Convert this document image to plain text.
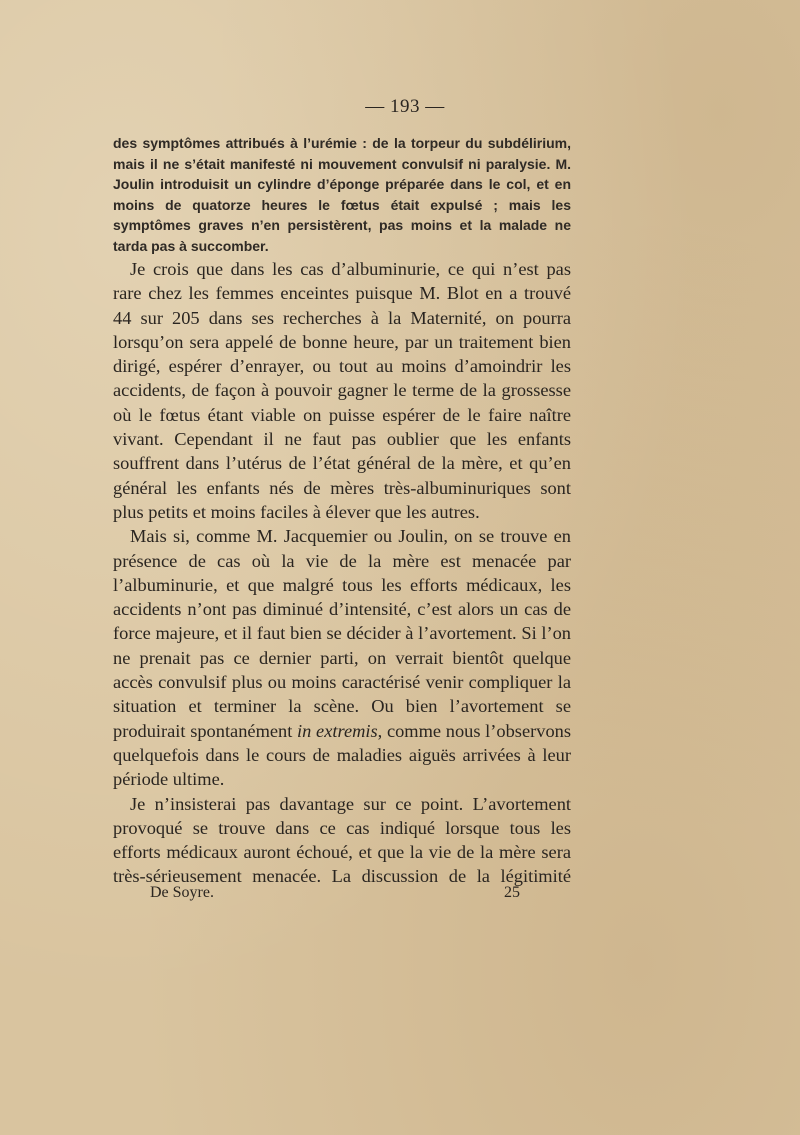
— 193 —
des symptômes attribués à l’urémie : de la torpeur du subdélirium, mais il ne s’était manifesté ni mouvement convulsif ni paralysie. M. Joulin introduisit un cylindre d’éponge préparée dans le col, et en moins de quatorze heures le fœtus était expulsé ; mais les symptômes graves n’en persistèrent, pas moins et la malade ne tarda pas à succomber.

Je crois que dans les cas d’albuminurie, ce qui n’est pas rare chez les femmes enceintes puisque M. Blot en a trouvé 44 sur 205 dans ses recherches à la Maternité, on pourra lorsqu’on sera appelé de bonne heure, par un traitement bien dirigé, espérer d’enrayer, ou tout au moins d’amoindrir les accidents, de façon à pouvoir gagner le terme de la grossesse où le fœtus étant viable on puisse espérer de le faire naître vivant. Cependant il ne faut pas oublier que les enfants souffrent dans l’utérus de l’état général de la mère, et qu’en général les enfants nés de mères très-albuminuriques sont plus petits et moins faciles à élever que les autres.

Mais si, comme M. Jacquemier ou Joulin, on se trouve en présence de cas où la vie de la mère est menacée par l’albuminurie, et que malgré tous les efforts médicaux, les accidents n’ont pas diminué d’intensité, c’est alors un cas de force majeure, et il faut bien se décider à l’avortement. Si l’on ne prenait pas ce dernier parti, on verrait bientôt quelque accès convulsif plus ou moins caractérisé venir compliquer la situation et terminer la scène. Ou bien l’avortement se produirait spontanément in extremis, comme nous l’observons quelquefois dans le cours de maladies aiguës arrivées à leur période ultime.

Je n’insisterai pas davantage sur ce point. L’avortement provoqué se trouve dans ce cas indiqué lorsque tous les efforts médicaux auront échoué, et que la vie de la mère sera très-sérieusement menacée. La discussion de la légitimité

De Soyre.	25
